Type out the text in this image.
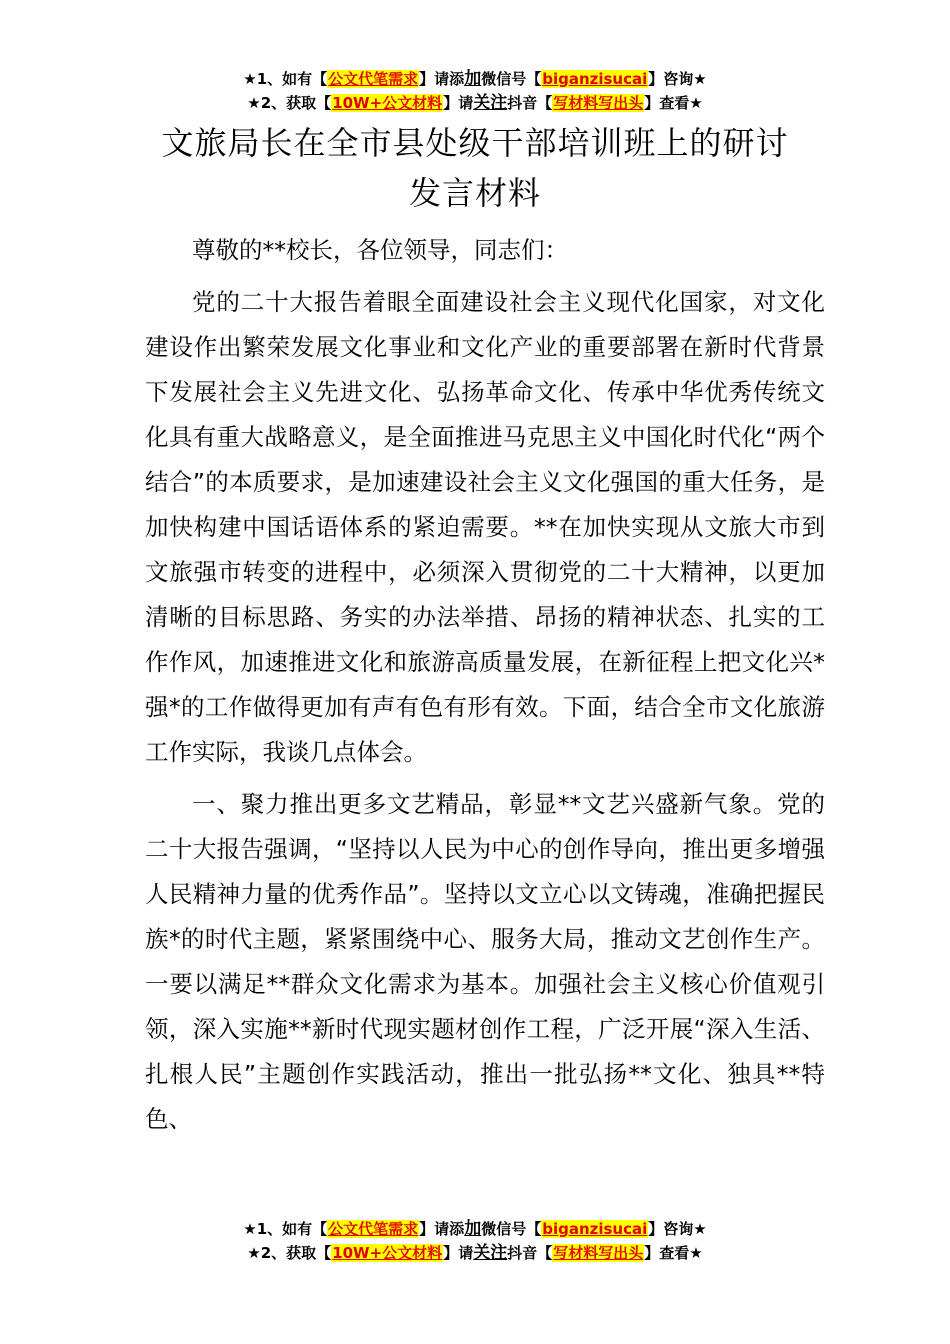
★1、如有【公文代笔需求】请添加微信号【biganzisucai】咨询★
★2、获取【10W+公文材料】请关注抖音【写材料写出头】查看★
文旅局长在全市县处级干部培训班上的研讨
发言材料

尊敬的**校长，各位领导，同志们：

党的二十大报告着眼全面建设社会主义现代化国家，对文化建设作出繁荣发展文化事业和文化产业的重要部署在新时代背景下发展社会主义先进文化、弘扬革命文化、传承中华优秀传统文化具有重大战略意义，是全面推进马克思主义中国化时代化“两个结合”的本质要求，是加速建设社会主义文化强国的重大任务，是加快构建中国话语体系的紧迫需要。**在加快实现从文旅大市到文旅强市转变的进程中，必须深入贯彻党的二十大精神，以更加清晰的目标思路、务实的办法举措、昂扬的精神状态、扎实的工作作风，加速推进文化和旅游高质量发展，在新征程上把文化兴*强*的工作做得更加有声有色有形有效。下面，结合全市文化旅游工作实际，我谈几点体会。

一、聚力推出更多文艺精品，彰显**文艺兴盛新气象。党的二十大报告强调，“坚持以人民为中心的创作导向，推出更多增强人民精神力量的优秀作品”。坚持以文立心以文铸魂，准确把握民族*的时代主题，紧紧围绕中心、服务大局，推动文艺创作生产。一要以满足**群众文化需求为基本。加强社会主义核心价值观引领，深入实施**新时代现实题材创作工程，广泛开展“深入生活、扎根人民”主题创作实践活动，推出一批弘扬**文化、独具**特色、

★1、如有【公文代笔需求】请添加微信号【biganzisucai】咨询★
★2、获取【10W+公文材料】请关注抖音【写材料写出头】查看★
